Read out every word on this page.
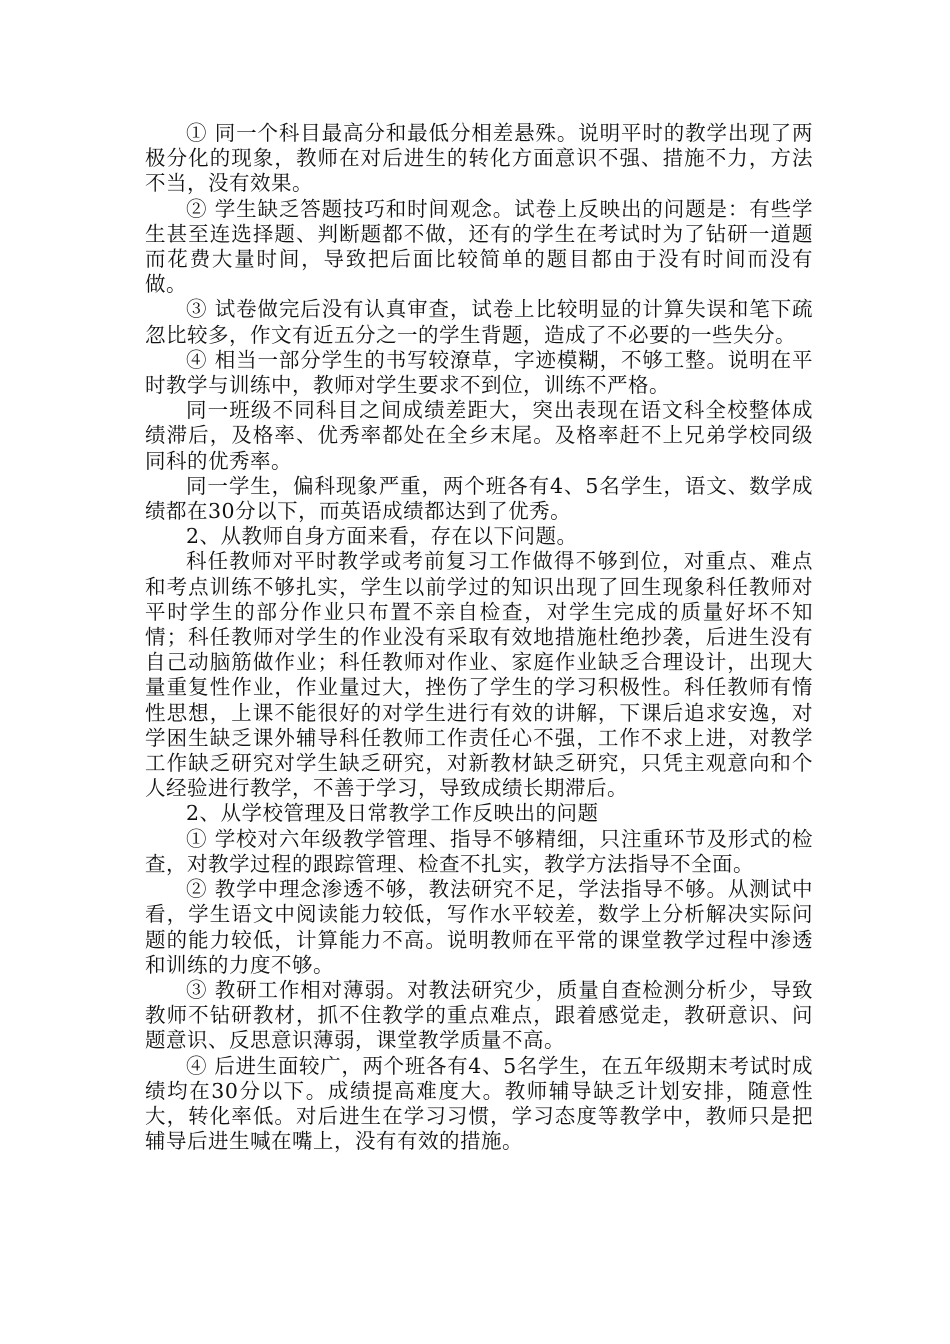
① 同一个科目最高分和最低分相差悬殊。说明平时的教学出现了两极分化的现象，教师在对后进生的转化方面意识不强、措施不力，方法不当，没有效果。

② 学生缺乏答题技巧和时间观念。试卷上反映出的问题是：有些学生甚至连选择题、判断题都不做，还有的学生在考试时为了钻研一道题而花费大量时间，导致把后面比较简单的题目都由于没有时间而没有做。

③ 试卷做完后没有认真审查，试卷上比较明显的计算失误和笔下疏忽比较多，作文有近五分之一的学生背题，造成了不必要的一些失分。

④ 相当一部分学生的书写较潦草，字迹模糊，不够工整。说明在平时教学与训练中，教师对学生要求不到位，训练不严格。

同一班级不同科目之间成绩差距大，突出表现在语文科全校整体成绩滞后，及格率、优秀率都处在全乡末尾。及格率赶不上兄弟学校同级同科的优秀率。

同一学生，偏科现象严重，两个班各有4、5名学生，语文、数学成绩都在30分以下，而英语成绩都达到了优秀。

2、从教师自身方面来看，存在以下问题。

科任教师对平时教学或考前复习工作做得不够到位，对重点、难点和考点训练不够扎实，学生以前学过的知识出现了回生现象科任教师对平时学生的部分作业只布置不亲自检查，对学生完成的质量好坏不知情；科任教师对学生的作业没有采取有效地措施杜绝抄袭，后进生没有自己动脑筋做作业；科任教师对作业、家庭作业缺乏合理设计，出现大量重复性作业，作业量过大，挫伤了学生的学习积极性。科任教师有惰性思想，上课不能很好的对学生进行有效的讲解，下课后追求安逸，对学困生缺乏课外辅导科任教师工作责任心不强，工作不求上进，对教学工作缺乏研究对学生缺乏研究，对新教材缺乏研究，只凭主观意向和个人经验进行教学，不善于学习，导致成绩长期滞后。

2、从学校管理及日常教学工作反映出的问题

① 学校对六年级教学管理、指导不够精细，只注重环节及形式的检查，对教学过程的跟踪管理、检查不扎实，教学方法指导不全面。

② 教学中理念渗透不够，教法研究不足，学法指导不够。从测试中看，学生语文中阅读能力较低，写作水平较差，数学上分析解决实际问题的能力较低，计算能力不高。说明教师在平常的课堂教学过程中渗透和训练的力度不够。

③ 教研工作相对薄弱。对教法研究少，质量自查检测分析少，导致教师不钻研教材，抓不住教学的重点难点，跟着感觉走，教研意识、问题意识、反思意识薄弱，课堂教学质量不高。

④ 后进生面较广，两个班各有4、5名学生，在五年级期末考试时成绩均在30分以下。成绩提高难度大。教师辅导缺乏计划安排，随意性大，转化率低。对后进生在学习习惯，学习态度等教学中，教师只是把辅导后进生喊在嘴上，没有有效的措施。
